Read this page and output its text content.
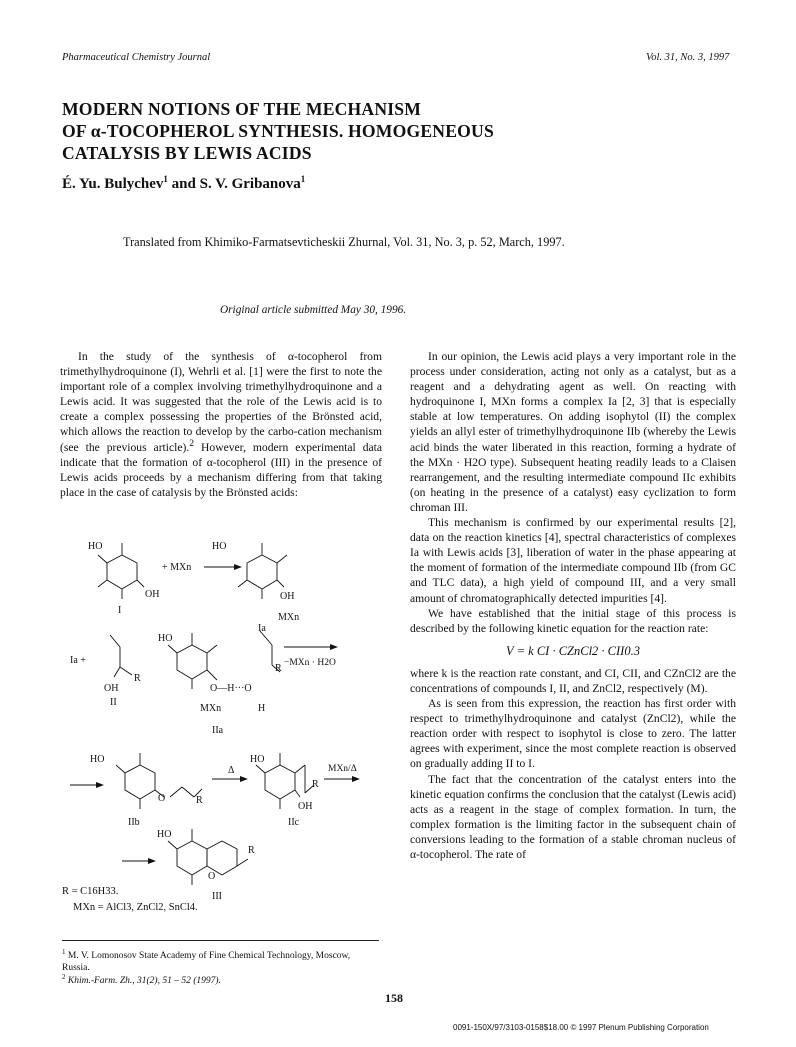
Pharmaceutical Chemistry Journal	Vol. 31, No. 3, 1997
MODERN NOTIONS OF THE MECHANISM
OF α-TOCOPHEROL SYNTHESIS. HOMOGENEOUS
CATALYSIS BY LEWIS ACIDS
É. Yu. Bulychev$^1$ and S. V. Gribanova$^1$
Translated from Khimiko-Farmatsevticheskii Zhurnal, Vol. 31, No. 3, p. 52, March, 1997.
Original article submitted May 30, 1996.

In the study of the synthesis of α-tocopherol from trimethylhydroquinone (I), Wehrli et al. [1] were the first to note the important role of a complex involving trimethylhydroquinone and a Lewis acid. It was suggested that the role of the Lewis acid is to create a complex possessing the properties of the Brönsted acid, which allows the reaction to develop by the carbo-cation mechanism (see the previous article).$^2$ However, modern experimental data indicate that the formation of α-tocopherol (III) in the presence of Lewis acids proceeds by a mechanism differing from that taking place in the case of catalysis by the Brönsted acids:

HO
OH
I
+ MXn
HO
OH
MXn
Ia
Ia +
R
OH
II
HO
O—H···O
MXn	H
R
IIa
−MXn · H2O
HO
O	R
IIb
Δ
HO
R
OH
IIc
MXn/Δ
HO
O
R
III
R = C16H33.
MXn = AlCl3, ZnCl2, SnCl4.
$^1$ M. V. Lomonosov State Academy of Fine Chemical Technology, Moscow, Russia.
$^2$ Khim.-Farm. Zh., 31(2), 51 – 52 (1997).

In our opinion, the Lewis acid plays a very important role in the process under consideration, acting not only as a catalyst, but as a reagent and a dehydrating agent as well. On reacting with hydroquinone I, MXn forms a complex Ia [2, 3] that is especially stable at low temperatures. On adding isophytol (II) the complex yields an allyl ester of trimethylhydroquinone IIb (whereby the Lewis acid binds the water liberated in this reaction, forming a hydrate of the MXn · H2O type). Subsequent heating readily leads to a Claisen rearrangement, and the resulting intermediate compound IIc exhibits (on heating in the presence of a catalyst) easy cyclization to form chroman III.

This mechanism is confirmed by our experimental results [2], data on the reaction kinetics [4], spectral characteristics of complexes Ia with Lewis acids [3], liberation of water in the phase appearing at the moment of formation of the intermediate compound IIb (from GC and TLC data), a high yield of compound III, and a very small amount of chromatographically detected impurities [4].

We have established that the initial stage of this process is described by the following kinetic equation for the reaction rate:

V = k CI · CZnCl2 · CII0.3

where k is the reaction rate constant, and CI, CII, and CZnCl2 are the concentrations of compounds I, II, and ZnCl2, respectively (M).

As is seen from this expression, the reaction has first order with respect to trimethylhydroquinone and catalyst (ZnCl2), while the reaction order with respect to isophytol is close to zero. The latter agrees with experiment, since the most complete reaction is observed on gradually adding II to I.

The fact that the concentration of the catalyst enters into the kinetic equation confirms the conclusion that the catalyst (Lewis acid) acts as a reagent in the stage of complex formation. In turn, the complex formation is the limiting factor in the subsequent chain of conversions leading to the formation of a stable chroman nucleus of α-tocopherol. The rate of

158
0091-150X/97/3103-0158$18.00 © 1997 Plenum Publishing Corporation
